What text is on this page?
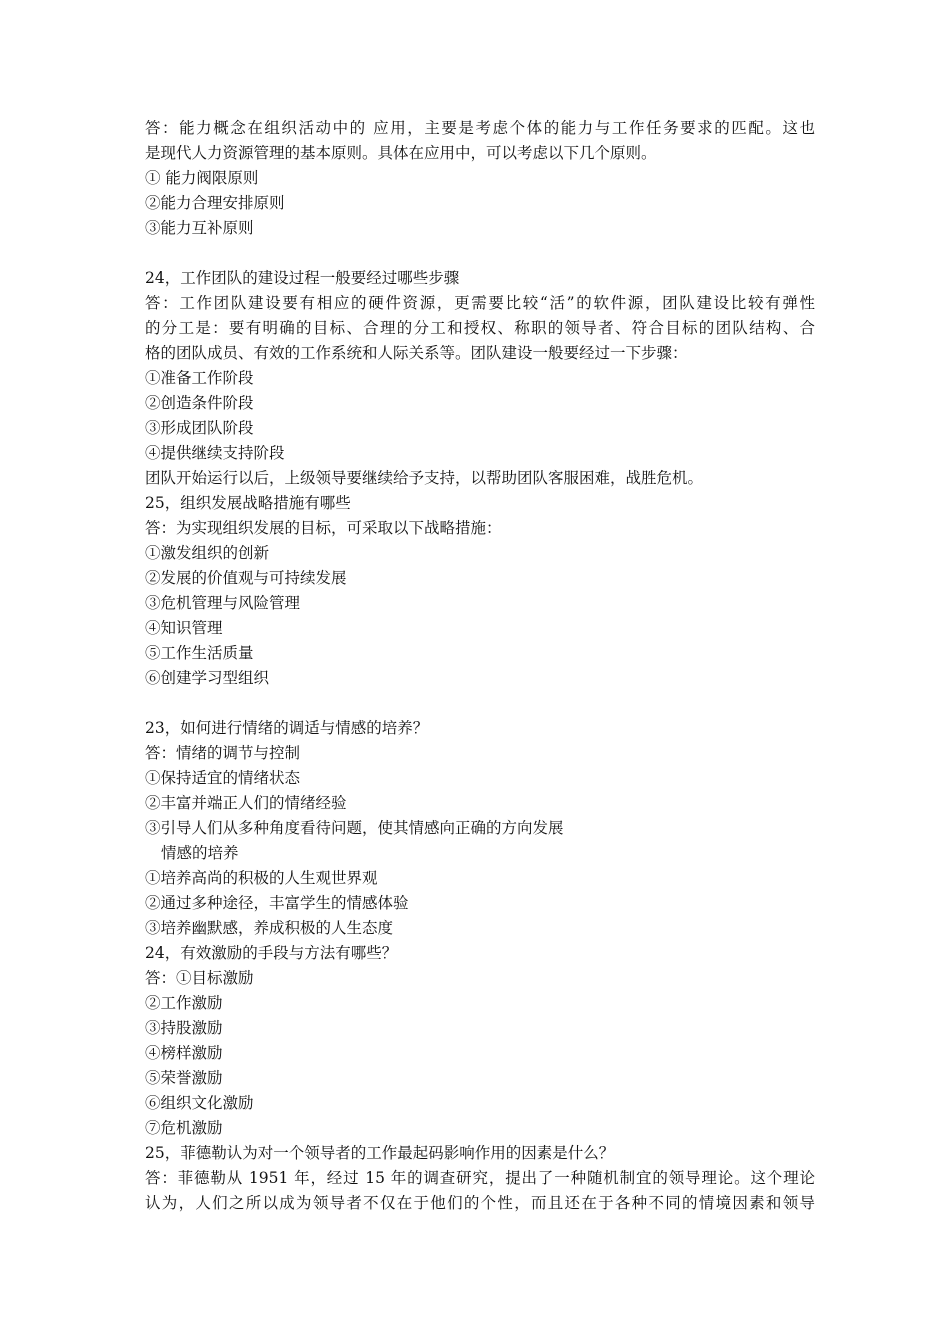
答：能力概念在组织活动中的 应用，主要是考虑个体的能力与工作任务要求的匹配。这也
是现代人力资源管理的基本原则。具体在应用中，可以考虑以下几个原则。
① 能力阀限原则
②能力合理安排原则
③能力互补原则
24，工作团队的建设过程一般要经过哪些步骤
答：工作团队建设要有相应的硬件资源，更需要比较“活”的软件源，团队建设比较有弹性
的分工是：要有明确的目标、合理的分工和授权、称职的领导者、符合目标的团队结构、合
格的团队成员、有效的工作系统和人际关系等。团队建设一般要经过一下步骤：
①准备工作阶段
②创造条件阶段
③形成团队阶段
④提供继续支持阶段
团队开始运行以后，上级领导要继续给予支持，以帮助团队客服困难，战胜危机。
25，组织发展战略措施有哪些
答：为实现组织发展的目标，可采取以下战略措施：
①激发组织的创新
②发展的价值观与可持续发展
③危机管理与风险管理
④知识管理
⑤工作生活质量
⑥创建学习型组织
23，如何进行情绪的调适与情感的培养？
答：情绪的调节与控制
①保持适宜的情绪状态
②丰富并端正人们的情绪经验
③引导人们从多种角度看待问题，使其情感向正确的方向发展
情感的培养
①培养高尚的积极的人生观世界观
②通过多种途径，丰富学生的情感体验
③培养幽默感，养成积极的人生态度
24，有效激励的手段与方法有哪些？
答：①目标激励
②工作激励
③持股激励
④榜样激励
⑤荣誉激励
⑥组织文化激励
⑦危机激励
25，菲德勒认为对一个领导者的工作最起码影响作用的因素是什么？
答：菲德勒从 1951 年，经过 15 年的调查研究，提出了一种随机制宜的领导理论。这个理论
认为，人们之所以成为领导者不仅在于他们的个性，而且还在于各种不同的情境因素和领导
